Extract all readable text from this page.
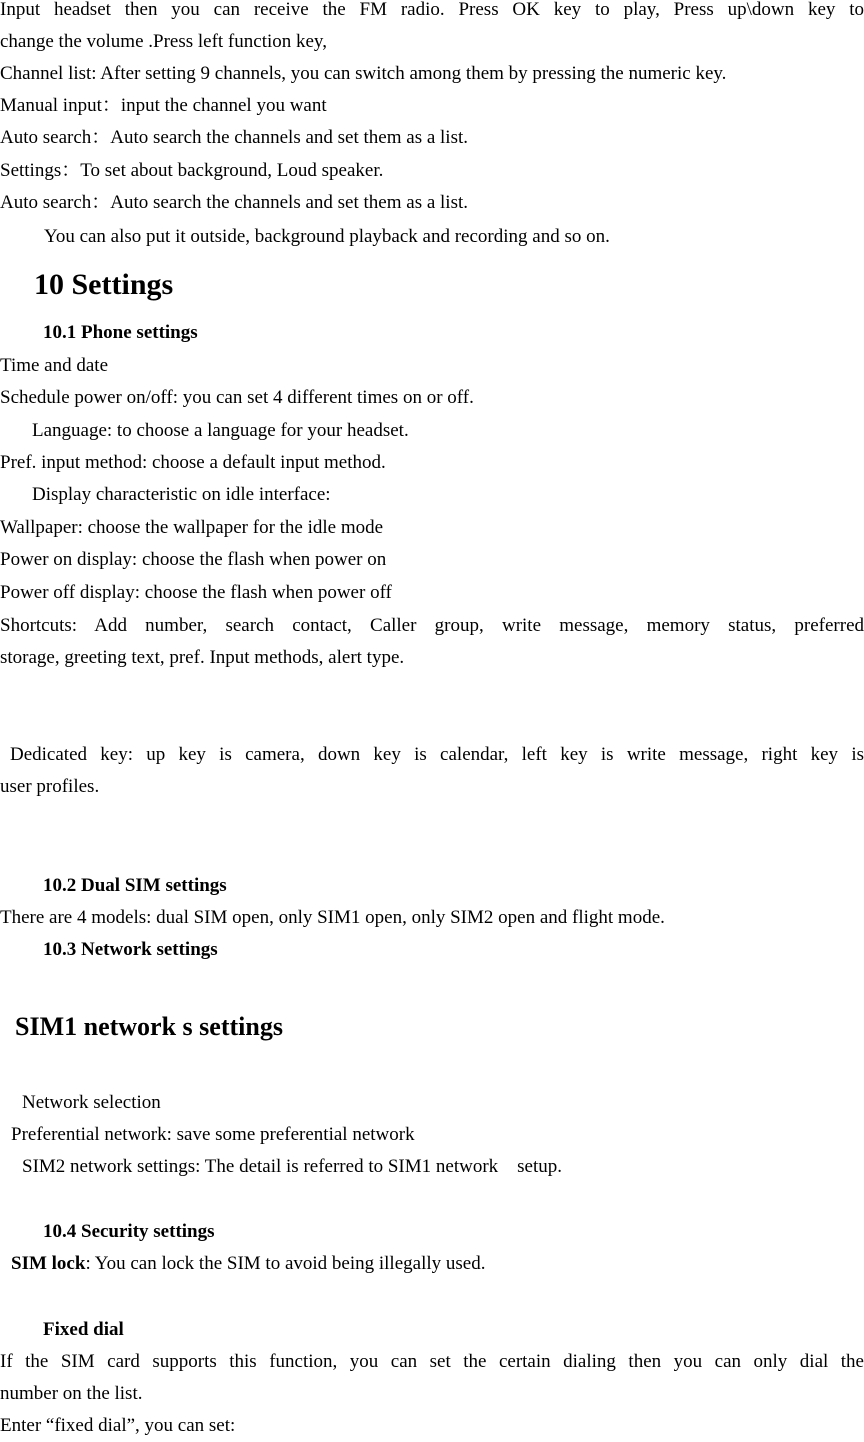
Input headset then you can receive the FM radio. Press OK key to play, Press up\down key to
change the volume .Press left function key,
Channel list: After setting 9 channels, you can switch among them by pressing the numeric key.
Manual input：input the channel you want
Auto search：Auto search the channels and set them as a list.
Settings：To set about background, Loud speaker.
Auto search：Auto search the channels and set them as a list.
You can also put it outside, background playback and recording and so on.
10 Settings
10.1 Phone settings
Time and date
Schedule power on/off: you can set 4 different times on or off.
Language: to choose a language for your headset.
Pref. input method: choose a default input method.
Display characteristic on idle interface:
Wallpaper: choose the wallpaper for the idle mode
Power on display: choose the flash when power on
Power off display: choose the flash when power off
Shortcuts: Add number, search contact, Caller group, write message, memory status, preferred
storage, greeting text, pref. Input methods, alert type.
Dedicated key: up key is camera, down key is calendar, left key is write message, right key is
user profiles.
10.2 Dual SIM settings
There are 4 models: dual SIM open, only SIM1 open, only SIM2 open and flight mode.
10.3 Network settings
SIM1 network s settings
Network selection
Preferential network: save some preferential network
SIM2 network settings: The detail is referred to SIM1 network    setup.
10.4 Security settings
SIM lock: You can lock the SIM to avoid being illegally used.
Fixed dial
If the SIM card supports this function, you can set the certain dialing then you can only dial the
number on the list.
Enter “fixed dial”, you can set:
